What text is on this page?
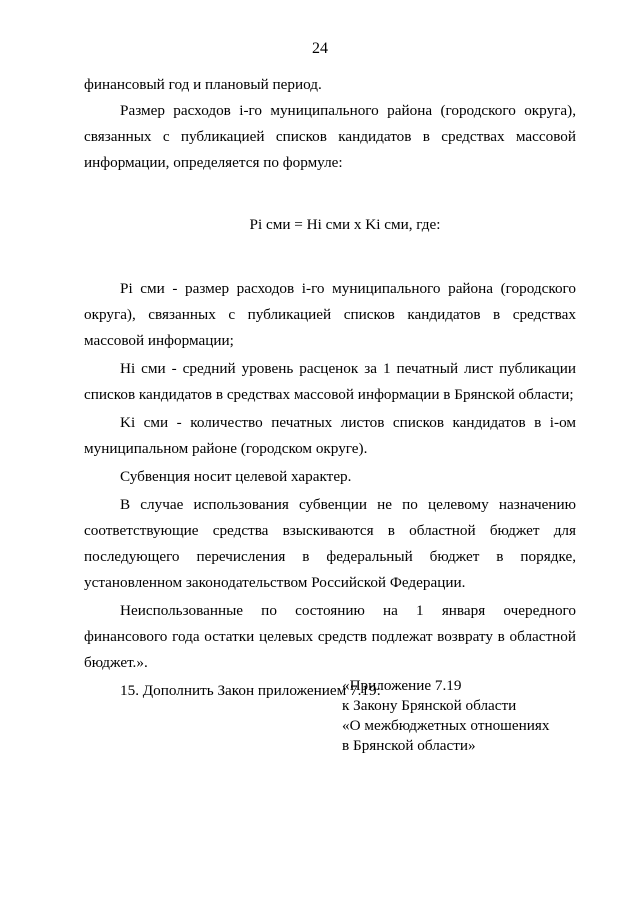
24

финансовый год и плановый период.

Размер расходов i-го муниципального района (городского округа), связанных с публикацией списков кандидатов в средствах массовой информации, определяется по формуле:

Pi сми = Hi сми x Ki сми, где:

Pi сми - размер расходов i-го муниципального района (городского округа), связанных с публикацией списков кандидатов в средствах массовой информации;

Hi сми - средний уровень расценок за 1 печатный лист публикации списков кандидатов в средствах массовой информации в Брянской области;

Ki сми - количество печатных листов списков кандидатов в i-ом муниципальном районе (городском округе).

Субвенция носит целевой характер.

В случае использования субвенции не по целевому назначению соответствующие средства взыскиваются в областной бюджет для последующего перечисления в федеральный бюджет в порядке, установленном законодательством Российской Федерации.

Неиспользованные по состоянию на 1 января очередного финансового года остатки целевых средств подлежат возврату в областной бюджет.».

15. Дополнить Закон приложением 7.19:

«Приложение 7.19
к Закону Брянской области
«О межбюджетных отношениях
в Брянской области»
